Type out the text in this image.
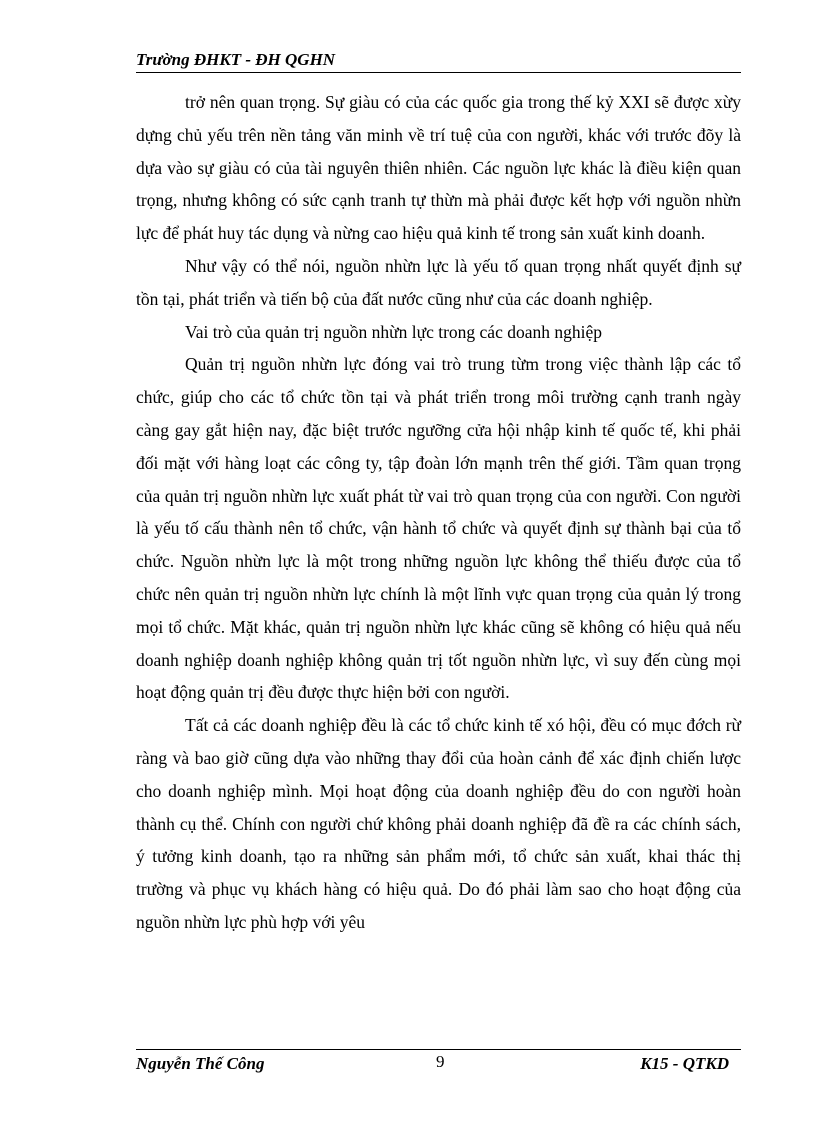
Trường ĐHKT - ĐH QGHN

trở nên quan trọng. Sự giàu có của các quốc gia trong thế kỷ XXI sẽ được xừy dựng chủ yếu trên nền tảng văn minh về trí tuệ của con người, khác với trước đõy là dựa vào sự giàu có của tài nguyên thiên nhiên. Các nguồn lực khác là điều kiện quan trọng, nhưng không có sức cạnh tranh tự thừn mà phải được kết hợp với nguồn nhừn lực để phát huy tác dụng và nừng cao hiệu quả kinh tế trong sản xuất kinh doanh.

Như vậy có thể nói, nguồn nhừn lực là yếu tố quan trọng nhất quyết định sự tồn tại, phát triển và tiến bộ của đất nước cũng như của các doanh nghiệp.

Vai trò của quản trị nguồn nhừn lực trong các doanh nghiệp

Quản trị nguồn nhừn lực đóng vai trò trung từm trong việc thành lập các tổ chức, giúp cho các tổ chức tồn tại và phát triển trong môi trường cạnh tranh ngày càng gay gắt hiện nay, đặc biệt trước ngưỡng cửa hội nhập kinh tế quốc tế, khi phải đối mặt với hàng loạt các công ty, tập đoàn lớn mạnh trên thế giới. Tầm quan trọng của quản trị nguồn nhừn lực xuất phát từ vai trò quan trọng của con người. Con người là yếu tố cấu thành nên tổ chức, vận hành tổ chức và quyết định sự thành bại của tổ chức. Nguồn nhừn lực là một trong những nguồn lực không thể thiếu được của tổ chức nên quản trị nguồn nhừn lực chính là một lĩnh vực quan trọng của quản lý trong mọi tổ chức. Mặt khác, quản trị nguồn nhừn lực khác cũng sẽ không có hiệu quả nếu doanh nghiệp doanh nghiệp không quản trị tốt nguồn nhừn lực, vì suy đến cùng mọi hoạt động quản trị đều được thực hiện bởi con người.

Tất cả các doanh nghiệp đều là các tổ chức kinh tế xó hội, đều có mục đớch rừ ràng và bao giờ cũng dựa vào những thay đổi của hoàn cảnh để xác định chiến lược cho doanh nghiệp mình. Mọi hoạt động của doanh nghiệp đều do con người hoàn thành cụ thể. Chính con người chứ không phải doanh nghiệp đã đề ra các chính sách, ý tưởng kinh doanh, tạo ra những sản phẩm mới, tổ chức sản xuất, khai thác thị trường và phục vụ khách hàng có hiệu quả. Do đó phải làm sao cho hoạt động của nguồn nhừn lực phù hợp với yêu

Nguyễn Thế Công	9	K15 - QTKD
